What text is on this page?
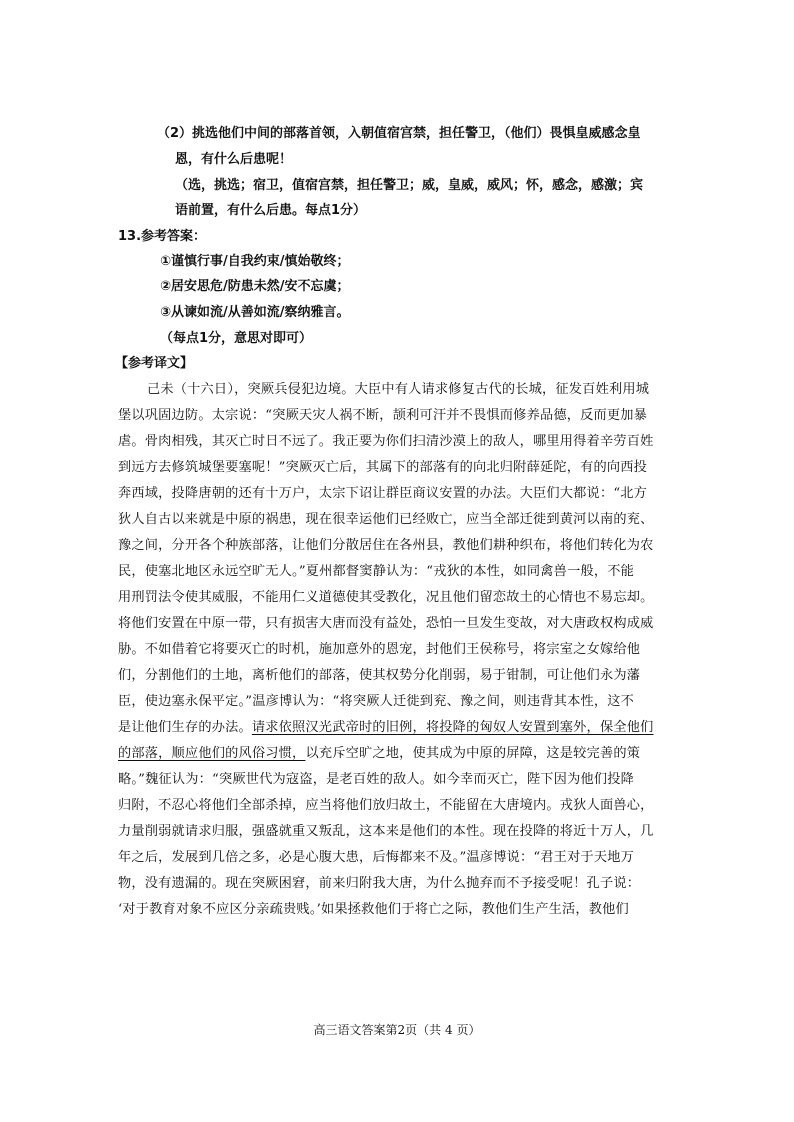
（2）挑选他们中间的部落首领，入朝值宿宫禁，担任警卫，（他们）畏惧皇威感念皇
恩，有什么后患呢！
（选，挑选；宿卫，值宿宫禁，担任警卫；威，皇威，威风；怀，感念，感激；宾
语前置，有什么后患。每点1分）
13.参考答案：
①谨慎行事/自我约束/慎始敬终；
②居安思危/防患未然/安不忘虞；
③从谏如流/从善如流/察纳雅言。
（每点1分，意思对即可）
【参考译文】
己未（十六日），突厥兵侵犯边境。大臣中有人请求修复古代的长城，征发百姓利用城
堡以巩固边防。太宗说：“突厥天灾人祸不断，颉利可汗并不畏惧而修养品德，反而更加暴
虐。骨肉相残，其灭亡时日不远了。我正要为你们扫清沙漠上的敌人，哪里用得着辛劳百姓
到远方去修筑城堡要塞呢！”突厥灭亡后，其属下的部落有的向北归附薛延陀，有的向西投
奔西域，投降唐朝的还有十万户，太宗下诏让群臣商议安置的办法。大臣们大都说：“北方
狄人自古以来就是中原的祸患，现在很幸运他们已经败亡，应当全部迁徙到黄河以南的兖、
豫之间，分开各个种族部落，让他们分散居住在各州县，教他们耕种织布，将他们转化为农
民，使塞北地区永远空旷无人。”夏州都督窦静认为：“戎狄的本性，如同禽兽一般，不能
用刑罚法令使其威服，不能用仁义道德使其受教化，况且他们留恋故土的心情也不易忘却。
将他们安置在中原一带，只有损害大唐而没有益处，恐怕一旦发生变故，对大唐政权构成威
胁。不如借着它将要灭亡的时机，施加意外的恩宠，封他们王侯称号，将宗室之女嫁给他
们，分割他们的土地，离析他们的部落，使其权势分化削弱，易于钳制，可让他们永为藩
臣，使边塞永保平定。”温彦博认为：“将突厥人迁徙到兖、豫之间，则违背其本性，这不
是让他们生存的办法。请求依照汉光武帝时的旧例，将投降的匈奴人安置到塞外，保全他们
的部落，顺应他们的风俗习惯，以充斥空旷之地，使其成为中原的屏障，这是较完善的策
略。”魏征认为：“突厥世代为寇盗，是老百姓的敌人。如今幸而灭亡，陛下因为他们投降
归附，不忍心将他们全部杀掉，应当将他们放归故土，不能留在大唐境内。戎狄人面兽心，
力量削弱就请求归服，强盛就重又叛乱，这本来是他们的本性。现在投降的将近十万人，几
年之后，发展到几倍之多，必是心腹大患，后悔都来不及。”温彦博说：“君王对于天地万
物，没有遗漏的。现在突厥困窘，前来归附我大唐，为什么抛弃而不予接受呢！孔子说：
‘对于教育对象不应区分亲疏贵贱。’如果拯救他们于将亡之际，教他们生产生活，教他们
高三语文答案第2页（共 4 页）
